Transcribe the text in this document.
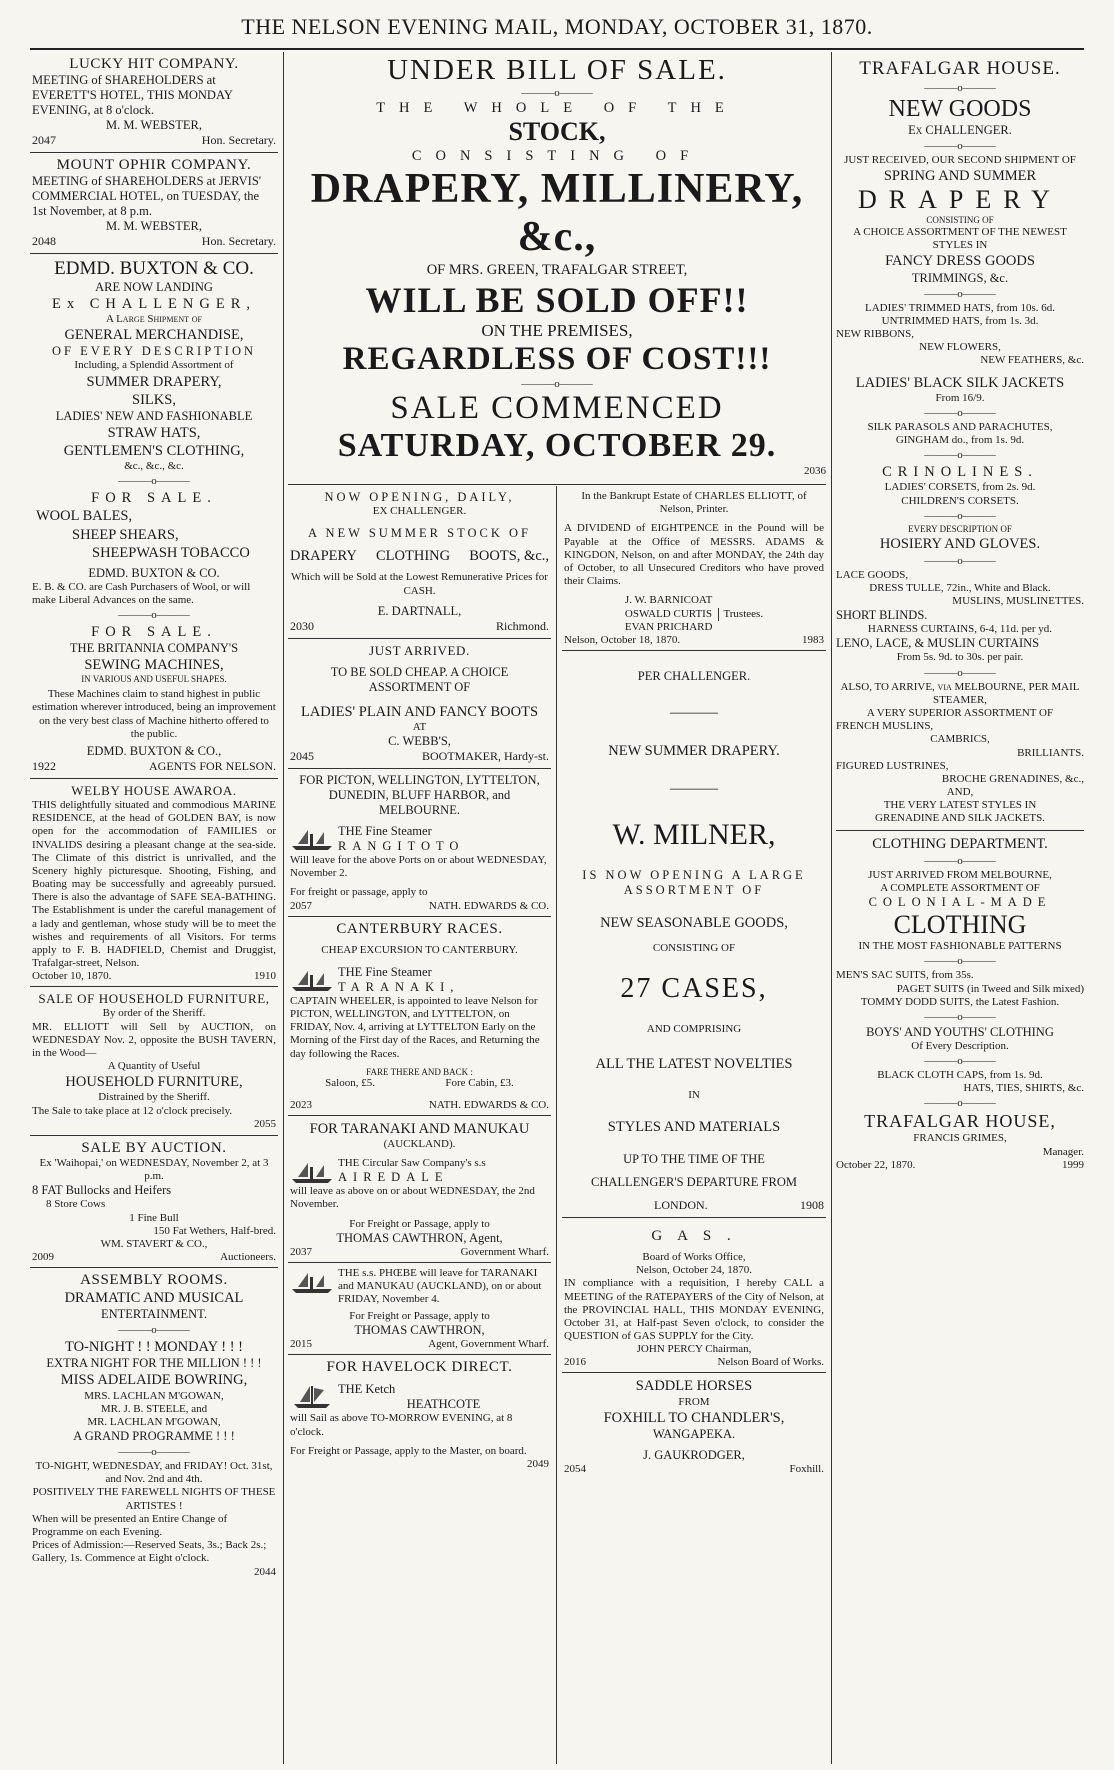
THE NELSON EVENING MAIL, MONDAY, OCTOBER 31, 1870.
LUCKY HIT COMPANY.
MEETING of SHAREHOLDERS at EVERETT'S HOTEL, THIS MONDAY EVENING, at 8 o'clock.
M. M. WEBSTER,
2047	Hon. Secretary.
MOUNT OPHIR COMPANY.
MEETING of SHAREHOLDERS at JERVIS' COMMERCIAL HOTEL, on TUESDAY, the 1st November, at 8 p.m.
M. M. WEBSTER,
2048	Hon. Secretary.
EDMD. BUXTON & CO.
ARE NOW LANDING
Ex CHALLENGER,
A Large Shipment of
GENERAL MERCHANDISE,
OF EVERY DESCRIPTION
Including, a Splendid Assortment of
SUMMER DRAPERY,
SILKS,
LADIES' NEW AND FASHIONABLE
STRAW HATS,
GENTLEMEN'S CLOTHING,
&c., &c., &c.
———o———
FOR SALE.
WOOL BALES,
SHEEP SHEARS,
SHEEPWASH TOBACCO
EDMD. BUXTON & CO.
E. B. & CO. are Cash Purchasers of Wool, or will make Liberal Advances on the same.
———o———
FOR SALE.
THE BRITANNIA COMPANY'S
SEWING MACHINES,
IN VARIOUS AND USEFUL SHAPES.
These Machines claim to stand highest in public estimation wherever introduced, being an improvement on the very best class of Machine hitherto offered to the public.
EDMD. BUXTON & CO.,
1922	AGENTS FOR NELSON.
WELBY HOUSE AWAROA.
THIS delightfully situated and commodious MARINE RESIDENCE, at the head of GOLDEN BAY, is now open for the accommodation of FAMILIES or INVALIDS desiring a pleasant change at the sea-side. The Climate of this district is unrivalled, and the Scenery highly picturesque. Shooting, Fishing, and Boating may be successfully and agreeably pursued. There is also the advantage of SAFE SEA-BATHING. The Establishment is under the careful management of a lady and gentleman, whose study will be to meet the wishes and requirements of all Visitors. For terms apply to F. B. HADFIELD, Chemist and Druggist, Trafalgar-street, Nelson.
October 10, 1870.	1910
SALE OF HOUSEHOLD FURNITURE,
By order of the Sheriff.
MR. ELLIOTT will Sell by AUCTION, on WEDNESDAY Nov. 2, opposite the BUSH TAVERN, in the Wood—
A Quantity of Useful
HOUSEHOLD FURNITURE,
Distrained by the Sheriff.
The Sale to take place at 12 o'clock precisely.
2055
SALE BY AUCTION.
Ex 'Waihopai,' on WEDNESDAY, November 2, at 3 p.m.
8 FAT Bullocks and Heifers
8 Store Cows
1 Fine Bull
150 Fat Wethers, Half-bred.
WM. STAVERT & CO.,
2009	Auctioneers.
ASSEMBLY ROOMS.
DRAMATIC AND MUSICAL
ENTERTAINMENT.
———o———
TO-NIGHT ! ! MONDAY ! ! !
EXTRA NIGHT FOR THE MILLION ! ! !
MISS ADELAIDE BOWRING,
MRS. LACHLAN M'GOWAN,
MR. J. B. STEELE, and
MR. LACHLAN M'GOWAN,
A GRAND PROGRAMME ! ! !
———o———
TO-NIGHT, WEDNESDAY, and FRIDAY! Oct. 31st, and Nov. 2nd and 4th.
POSITIVELY THE FAREWELL NIGHTS OF THESE ARTISTES !
When will be presented an Entire Change of Programme on each Evening.
Prices of Admission:—Reserved Seats, 3s.; Back 2s.; Gallery, 1s. Commence at Eight o'clock.
2044
UNDER BILL OF SALE.
———o———
THE WHOLE OF THE
STOCK,
CONSISTING OF
DRAPERY, MILLINERY, &c.,
OF MRS. GREEN, TRAFALGAR STREET,
WILL BE SOLD OFF!!
ON THE PREMISES,
REGARDLESS OF COST!!!
———o———
SALE COMMENCED
SATURDAY, OCTOBER 29.
2036
NOW OPENING, DAILY,
EX CHALLENGER.
A NEW SUMMER STOCK OF
DRAPERY CLOTHING BOOTS, &c.,
Which will be Sold at the Lowest Remunerative Prices for CASH.
E. DARTNALL,
2030	Richmond.
JUST ARRIVED.
TO BE SOLD CHEAP. A CHOICE ASSORTMENT OF
LADIES' PLAIN AND FANCY BOOTS
AT
C. WEBB'S,
2045	BOOTMAKER, Hardy-st.
FOR PICTON, WELLINGTON, LYTTELTON, DUNEDIN, BLUFF HARBOR, and MELBOURNE.
THE Fine Steamer
RANGITOTO
Will leave for the above Ports on or about WEDNESDAY, November 2.
For freight or passage, apply to
2057	NATH. EDWARDS & CO.
CANTERBURY RACES.
CHEAP EXCURSION TO CANTERBURY.
THE Fine Steamer
TARANAKI,
CAPTAIN WHEELER, is appointed to leave Nelson for PICTON, WELLINGTON, and LYTTELTON, on FRIDAY, Nov. 4, arriving at LYTTELTON Early on the Morning of the First day of the Races, and Returning the day following the Races.
FARE THERE AND BACK :
Saloon, £5.	Fore Cabin, £3.
2023	NATH. EDWARDS & CO.
FOR TARANAKI AND MANUKAU
(AUCKLAND).
THE Circular Saw Company's s.s
AIREDALE
will leave as above on or about WEDNESDAY, the 2nd November.
For Freight or Passage, apply to
THOMAS CAWTHRON, Agent,
2037	Government Wharf.
THE s.s. PHŒBE will leave for TARANAKI and MANUKAU (AUCKLAND), on or about FRIDAY, November 4.
For Freight or Passage, apply to
THOMAS CAWTHRON,
2015	Agent, Government Wharf.
FOR HAVELOCK DIRECT.
THE Ketch
HEATHCOTE
will Sail as above TO-MORROW EVENING, at 8 o'clock.
For Freight or Passage, apply to the Master, on board.
2049
In the Bankrupt Estate of CHARLES ELLIOTT, of Nelson, Printer.
A DIVIDEND of EIGHTPENCE in the Pound will be Payable at the Office of MESSRS. ADAMS & KINGDON, Nelson, on and after MONDAY, the 24th day of October, to all Unsecured Creditors who have proved their Claims.
J. W. BARNICOAT
OSWALD CURTIS
EVAN PRICHARD
Trustees.
Nelson, October 18, 1870.	1983
PER CHALLENGER.
———
NEW SUMMER DRAPERY.
———
W. MILNER,
IS NOW OPENING A LARGE ASSORTMENT OF
NEW SEASONABLE GOODS,
CONSISTING OF
27 CASES,
AND COMPRISING
ALL THE LATEST NOVELTIES
IN
STYLES AND MATERIALS
UP TO THE TIME OF THE
CHALLENGER'S DEPARTURE FROM
LONDON.	1908
G A S .
Board of Works Office,
Nelson, October 24, 1870.
IN compliance with a requisition, I hereby CALL a MEETING of the RATEPAYERS of the City of Nelson, at the PROVINCIAL HALL, THIS MONDAY EVENING, October 31, at Half-past Seven o'clock, to consider the QUESTION of GAS SUPPLY for the City.
JOHN PERCY Chairman,
2016	Nelson Board of Works.
SADDLE HORSES
FROM
FOXHILL TO CHANDLER'S,
WANGAPEKA.
J. GAUKRODGER,
2054	Foxhill.
TRAFALGAR HOUSE.
———o———
NEW GOODS
Ex CHALLENGER.
———o———
JUST RECEIVED, OUR SECOND SHIPMENT OF
SPRING AND SUMMER
DRAPERY
CONSISTING OF
A CHOICE ASSORTMENT OF THE NEWEST STYLES IN
FANCY DRESS GOODS
TRIMMINGS, &c.
———o———
LADIES' TRIMMED HATS, from 10s. 6d.
UNTRIMMED HATS, from 1s. 3d.
NEW RIBBONS,
NEW FLOWERS,
NEW FEATHERS, &c.
LADIES' BLACK SILK JACKETS
From 16/9.
———o———
SILK PARASOLS AND PARACHUTES,
GINGHAM do., from 1s. 9d.
———o———
CRINOLINES.
LADIES' CORSETS, from 2s. 9d.
CHILDREN'S CORSETS.
———o———
EVERY DESCRIPTION OF
HOSIERY AND GLOVES.
———o———
LACE GOODS,
DRESS TULLE, 72in., White and Black.
MUSLINS, MUSLINETTES.
SHORT BLINDS.
HARNESS CURTAINS, 6-4, 11d. per yd.
LENO, LACE, & MUSLIN CURTAINS
From 5s. 9d. to 30s. per pair.
———o———
ALSO, TO ARRIVE, via MELBOURNE, PER MAIL STEAMER,
A VERY SUPERIOR ASSORTMENT OF
FRENCH MUSLINS,
CAMBRICS,
BRILLIANTS.
FIGURED LUSTRINES,
BROCHE GRENADINES, &c.,
AND,
THE VERY LATEST STYLES IN
GRENADINE AND SILK JACKETS.
CLOTHING DEPARTMENT.
———o———
JUST ARRIVED FROM MELBOURNE,
A COMPLETE ASSORTMENT OF
COLONIAL-MADE
CLOTHING
IN THE MOST FASHIONABLE PATTERNS
———o———
MEN'S SAC SUITS, from 35s.
PAGET SUITS (in Tweed and Silk mixed)
TOMMY DODD SUITS, the Latest Fashion.
———o———
BOYS' AND YOUTHS' CLOTHING
Of Every Description.
———o———
BLACK CLOTH CAPS, from 1s. 9d.
HATS, TIES, SHIRTS, &c.
———o———
TRAFALGAR HOUSE,
FRANCIS GRIMES,
Manager.
October 22, 1870.	1999
